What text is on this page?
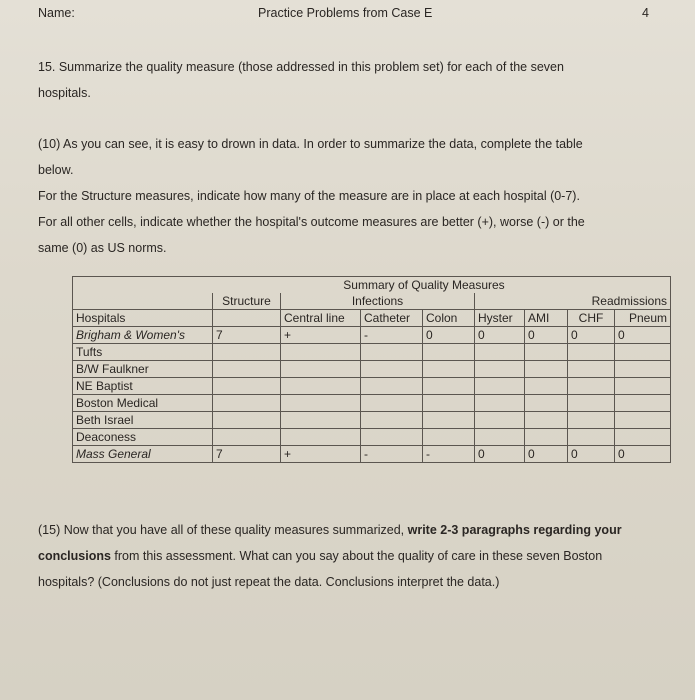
Name:	Practice Problems from Case E	4
15. Summarize the quality measure (those addressed in this problem set) for each of the seven
hospitals.
(10) As you can see, it is easy to drown in data. In order to summarize the data, complete the table
below.
For the Structure measures, indicate how many of the measure are in place at each hospital (0-7).
For all other cells, indicate whether the hospital's outcome measures are better (+), worse (-) or the
same (0) as US norms.
		Summary of Quality Measures						
	Structure	Infections			Readmissions			
Hospitals		Central line	Catheter	Colon	Hyster	AMI	CHF	Pneum
Brigham & Women's	7	+	-	0	0	0	0	0
Tufts								
B/W Faulkner								
NE Baptist								
Boston Medical								
Beth Israel								
Deaconess								
Mass General	7	+	-	-	0	0	0	0
(15) Now that you have all of these quality measures summarized, write 2-3 paragraphs regarding your
conclusions from this assessment. What can you say about the quality of care in these seven Boston
hospitals? (Conclusions do not just repeat the data. Conclusions interpret the data.)
